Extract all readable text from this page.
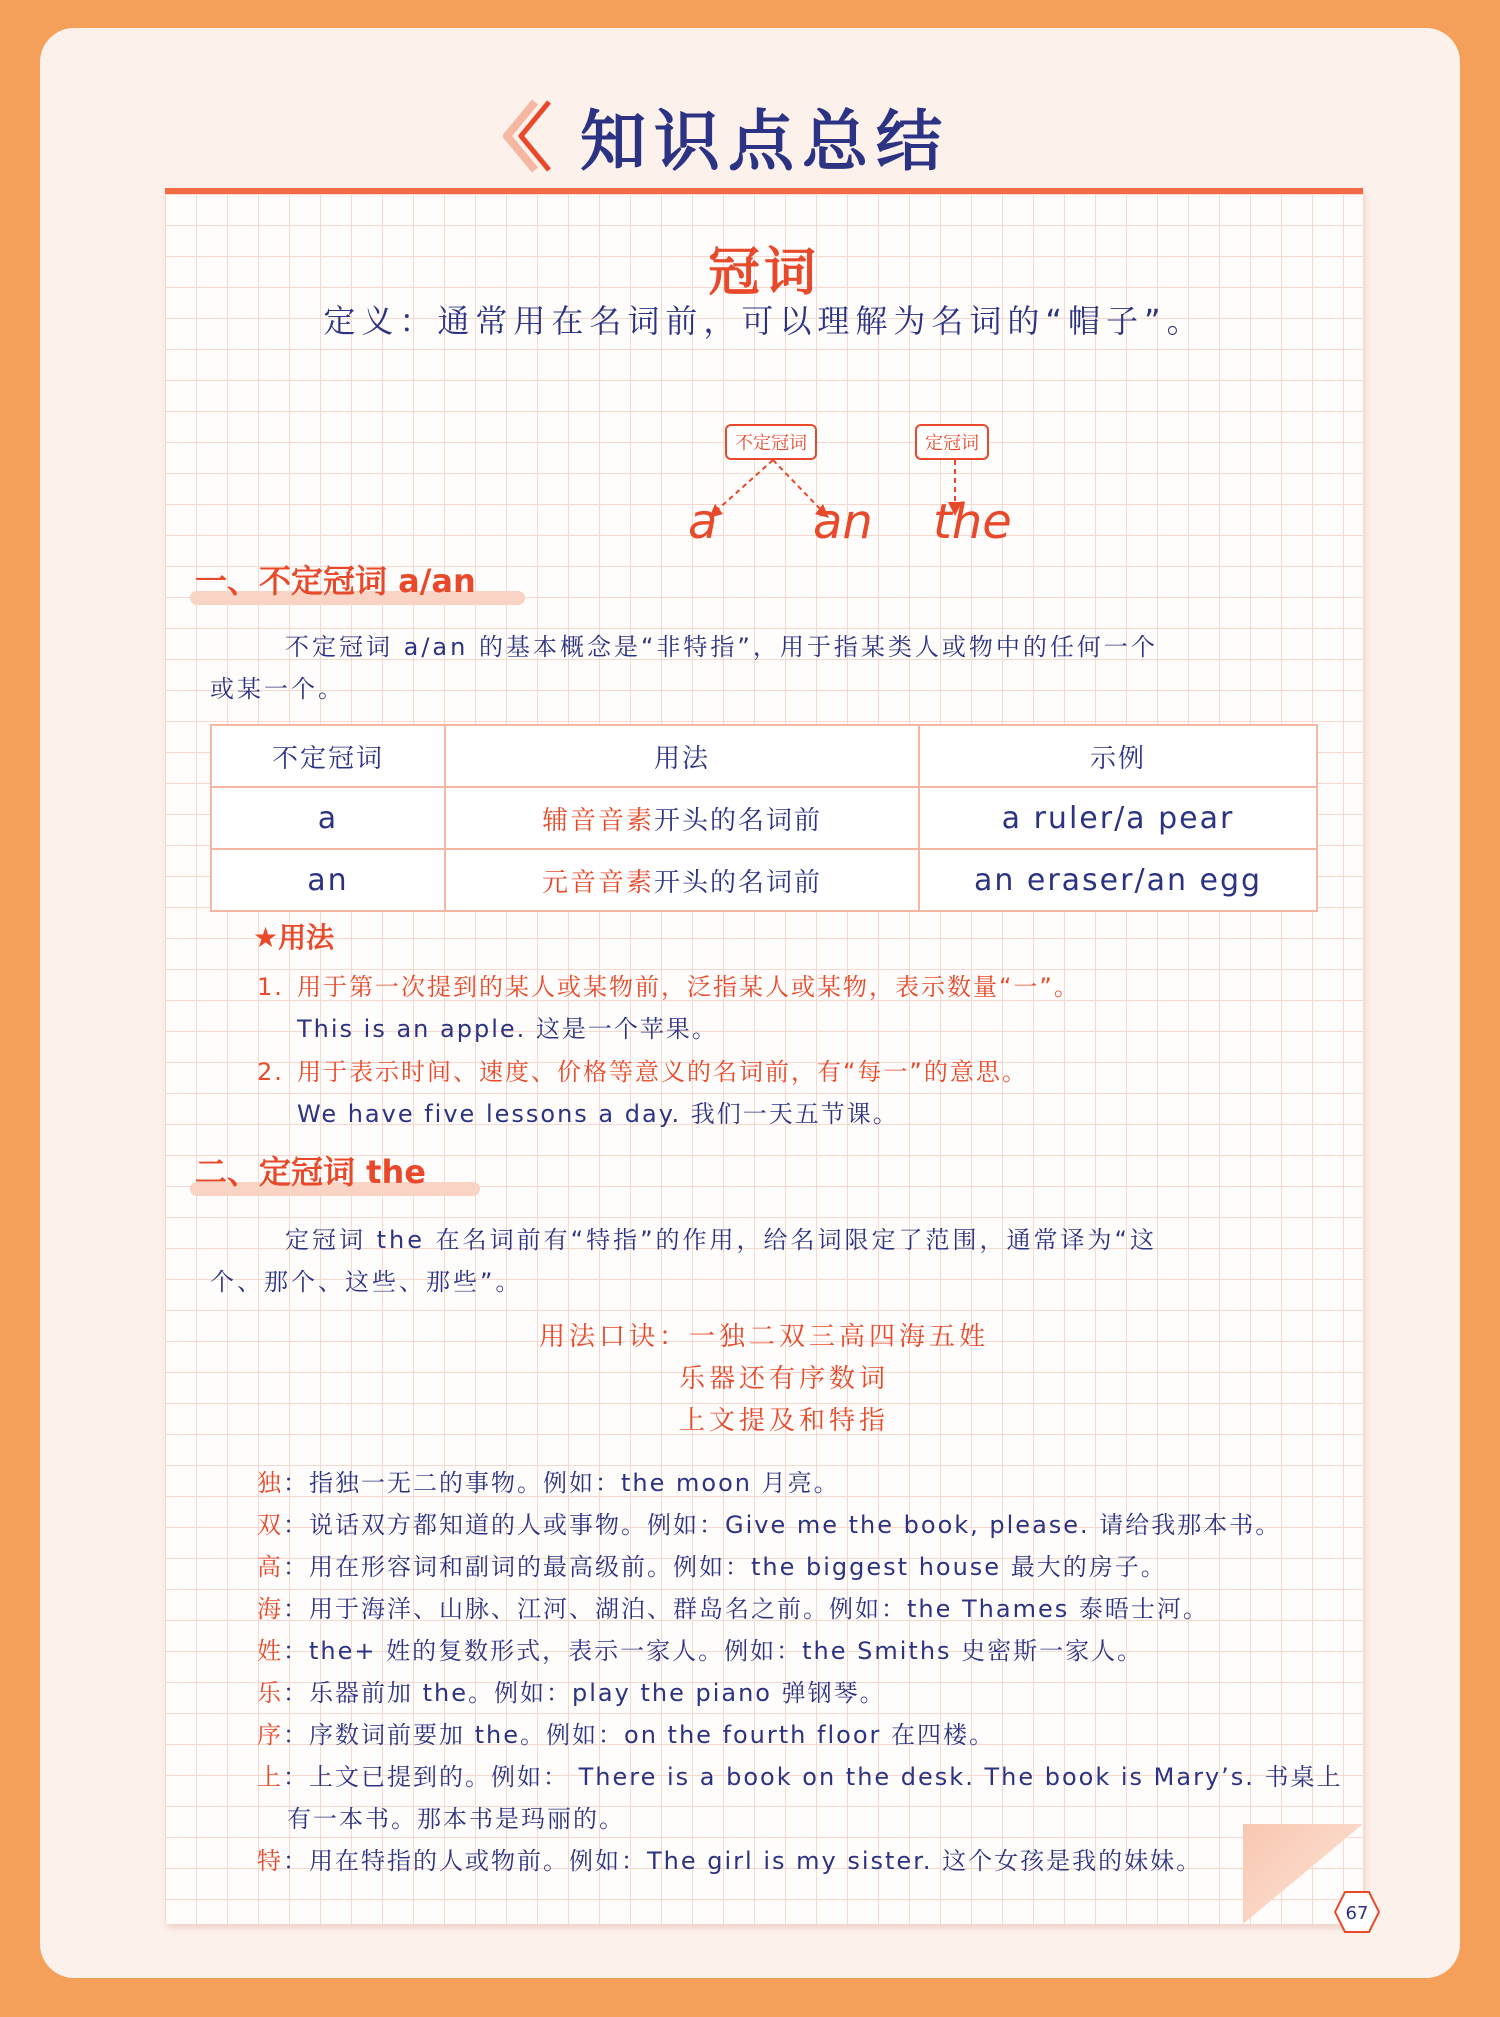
知识点总结
冠词
定义：通常用在名词前，可以理解为名词的“帽子”。
不定冠词	定冠词
a an the
一、不定冠词 a/an
不定冠词 a/an 的基本概念是“非特指”，用于指某类人或物中的任何一个
或某一个。
不定冠词	用法	示例
a	辅音音素开头的名词前	a ruler/a pear
an	元音音素开头的名词前	an eraser/an egg
★用法
1. 用于第一次提到的某人或某物前，泛指某人或某物，表示数量“一”。
This is an apple. 这是一个苹果。
2. 用于表示时间、速度、价格等意义的名词前，有“每一”的意思。
We have five lessons a day. 我们一天五节课。
二、定冠词 the
定冠词 the 在名词前有“特指”的作用，给名词限定了范围，通常译为“这
个、那个、这些、那些”。
用法口诀：一独二双三高四海五姓
乐器还有序数词
上文提及和特指
独：指独一无二的事物。例如：the moon 月亮。
双：说话双方都知道的人或事物。例如：Give me the book, please. 请给我那本书。
高：用在形容词和副词的最高级前。例如：the biggest house 最大的房子。
海：用于海洋、山脉、江河、湖泊、群岛名之前。例如：the Thames 泰晤士河。
姓：the+ 姓的复数形式，表示一家人。例如：the Smiths 史密斯一家人。
乐：乐器前加 the。例如：play the piano 弹钢琴。
序：序数词前要加 the。例如：on the fourth floor 在四楼。
上：上文已提到的。例如： There is a book on the desk. The book is Mary’s. 书桌上
有一本书。那本书是玛丽的。
特：用在特指的人或物前。例如：The girl is my sister. 这个女孩是我的妹妹。
67
